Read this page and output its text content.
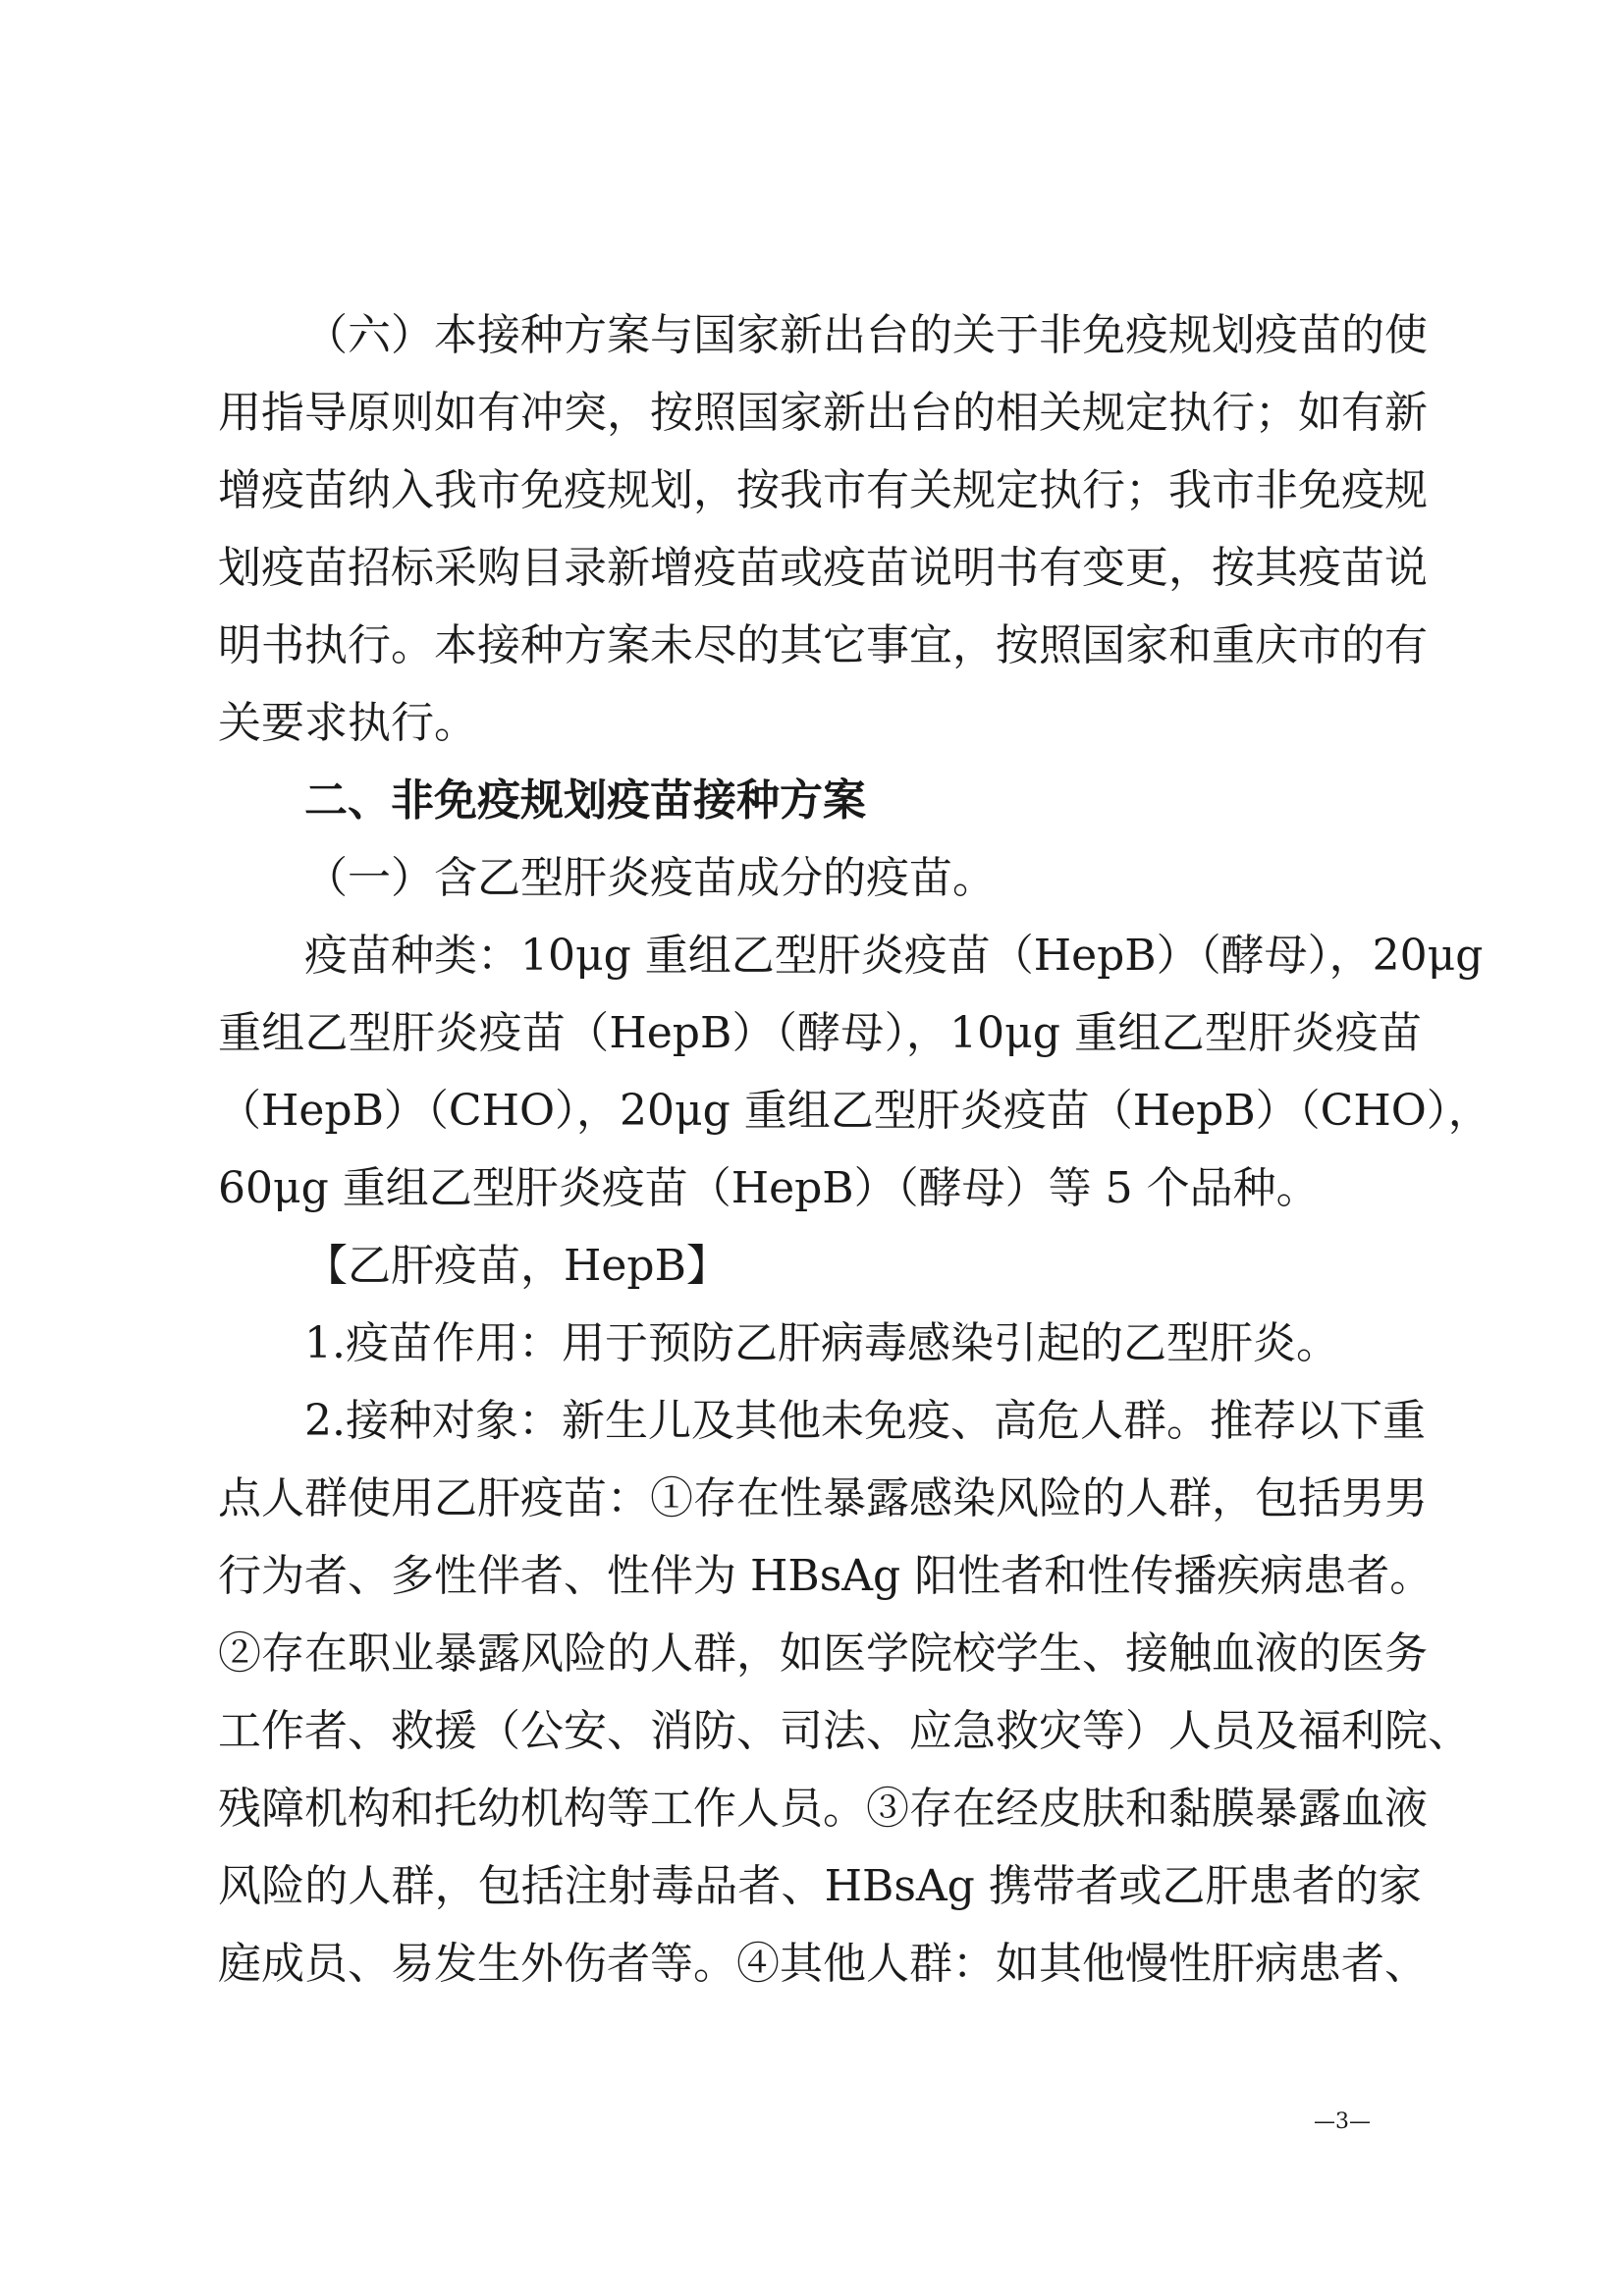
（六）本接种方案与国家新出台的关于非免疫规划疫苗的使
用指导原则如有冲突，按照国家新出台的相关规定执行；如有新
增疫苗纳入我市免疫规划，按我市有关规定执行；我市非免疫规
划疫苗招标采购目录新增疫苗或疫苗说明书有变更，按其疫苗说
明书执行。本接种方案未尽的其它事宜，按照国家和重庆市的有
关要求执行。
二、非免疫规划疫苗接种方案
（一）含乙型肝炎疫苗成分的疫苗。
疫苗种类：10μg 重组乙型肝炎疫苗（HepB）（酵母），20μg
重组乙型肝炎疫苗（HepB）（酵母），10μg 重组乙型肝炎疫苗
（HepB）（CHO），20μg 重组乙型肝炎疫苗（HepB）（CHO），
60μg 重组乙型肝炎疫苗（HepB）（酵母）等 5 个品种。
【乙肝疫苗，HepB】
1.疫苗作用：用于预防乙肝病毒感染引起的乙型肝炎。
2.接种对象：新生儿及其他未免疫、高危人群。推荐以下重
点人群使用乙肝疫苗：①存在性暴露感染风险的人群，包括男男
行为者、多性伴者、性伴为 HBsAg 阳性者和性传播疾病患者。
②存在职业暴露风险的人群，如医学院校学生、接触血液的医务
工作者、救援（公安、消防、司法、应急救灾等）人员及福利院、
残障机构和托幼机构等工作人员。③存在经皮肤和黏膜暴露血液
风险的人群，包括注射毒品者、HBsAg 携带者或乙肝患者的家
庭成员、易发生外伤者等。④其他人群：如其他慢性肝病患者、
—3—
